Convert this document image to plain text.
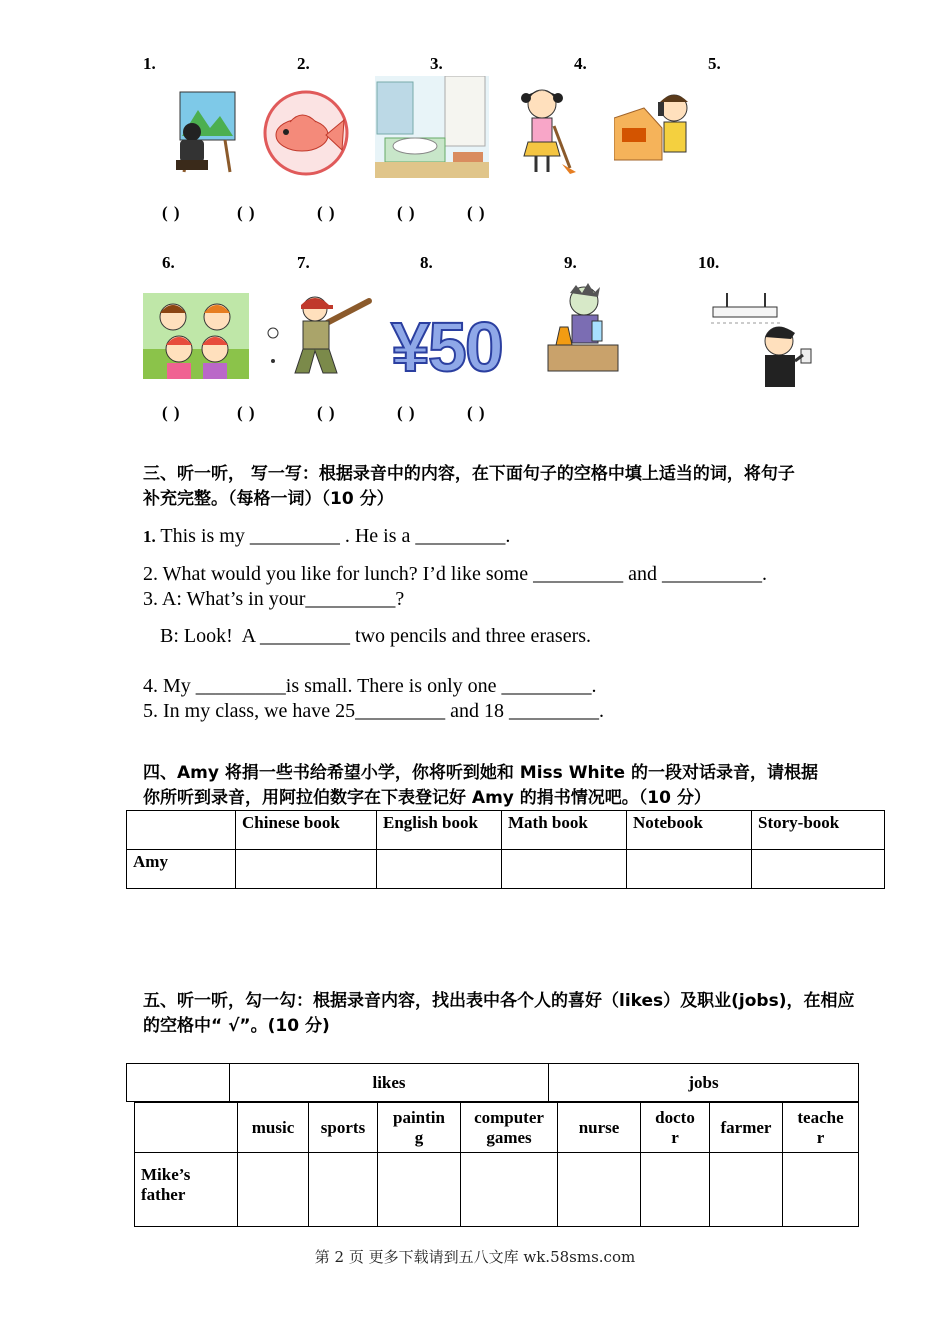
1.	2.	3.	4.	5.
( )	( )	( )	( )	( )
6.	7.	8.	9.	10.
¥50
( )	( )	( )	( )	( )
三、听一听， 写一写：根据录音中的内容，在下面句子的空格中填上适当的词，将句子
补充完整。（每格一词）（10 分）
1. This is my _________ . He is a _________.
2. What would you like for lunch? I’d like some _________ and __________.
3. A: What’s in your_________?
B: Look!  A _________ two pencils and three erasers.
4. My _________is small. There is only one _________.
5. In my class, we have 25_________ and 18 _________.
四、Amy 将捐一些书给希望小学，你将听到她和 Miss White 的一段对话录音，请根据
你所听到录音，用阿拉伯数字在下表登记好 Amy 的捐书情况吧。（10 分）
	Chinese book	English book	Math book	Notebook	Story-book
Amy					
五、听一听，勾一勾：根据录音内容，找出表中各个人的喜好（likes）及职业(jobs)，在相应
的空格中“ √”。(10 分)
	likes	jobs
	music	sports	paintin
g	computer
games	nurse	docto
r	farmer	teache
r
Mike’s
father								
第 2 页 更多下载请到五八文库 wk.58sms.com
